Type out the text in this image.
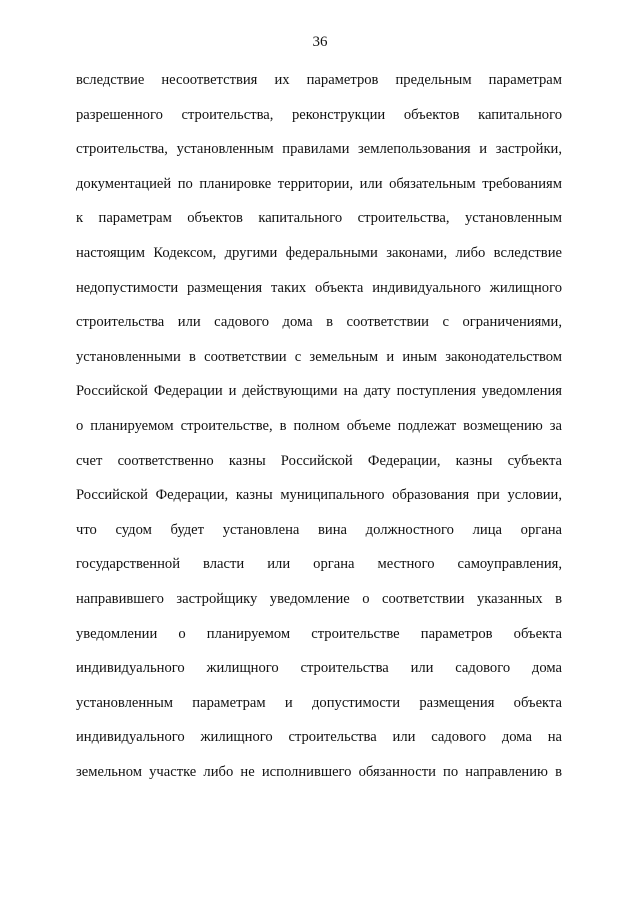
36
вследствие несоответствия их параметров предельным параметрам
разрешенного строительства, реконструкции объектов капитального
строительства, установленным правилами землепользования и застройки,
документацией по планировке территории, или обязательным требованиям
к параметрам объектов капитального строительства, установленным
настоящим Кодексом, другими федеральными законами, либо вследствие
недопустимости размещения таких объекта индивидуального жилищного
строительства или садового дома в соответствии с ограничениями,
установленными в соответствии с земельным и иным законодательством
Российской Федерации и действующими на дату поступления уведомления
о планируемом строительстве, в полном объеме подлежат возмещению за
счет соответственно казны Российской Федерации, казны субъекта
Российской Федерации, казны муниципального образования при условии,
что судом будет установлена вина должностного лица органа
государственной власти или органа местного самоуправления,
направившего застройщику уведомление о соответствии указанных в
уведомлении о планируемом строительстве параметров объекта
индивидуального жилищного строительства или садового дома
установленным параметрам и допустимости размещения объекта
индивидуального жилищного строительства или садового дома на
земельном участке либо не исполнившего обязанности по направлению в
